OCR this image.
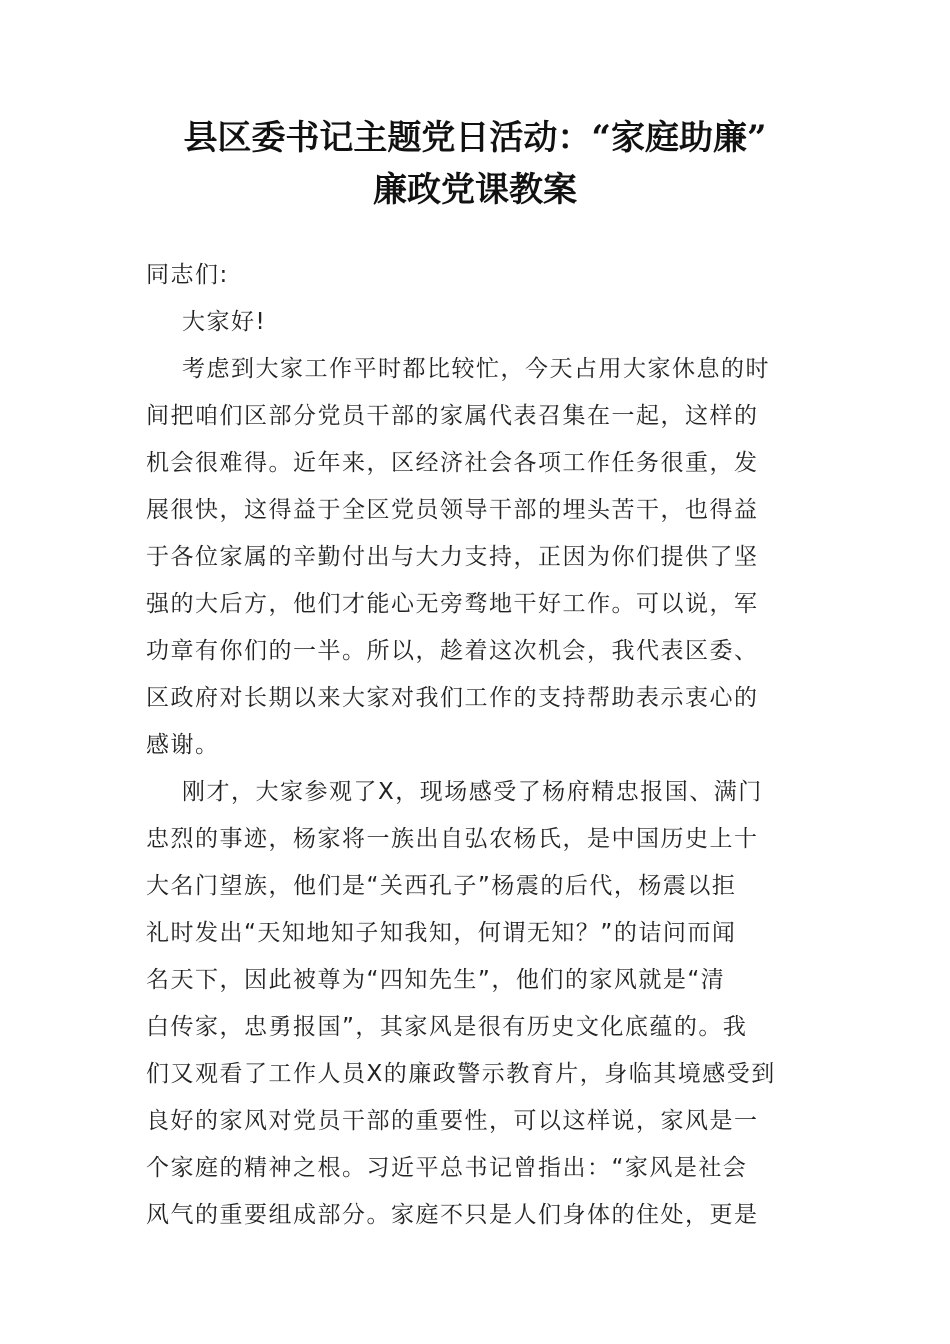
县区委书记主题党日活动：“家庭助廉”
廉政党课教案
同志们:
大家好!
考虑到大家工作平时都比较忙，今天占用大家休息的时
间把咱们区部分党员干部的家属代表召集在一起，这样的
机会很难得。近年来，区经济社会各项工作任务很重，发
展很快，这得益于全区党员领导干部的埋头苦干，也得益
于各位家属的辛勤付出与大力支持，正因为你们提供了坚
强的大后方，他们才能心无旁骛地干好工作。可以说，军
功章有你们的一半。所以，趁着这次机会，我代表区委、
区政府对长期以来大家对我们工作的支持帮助表示衷心的
感谢。
刚才，大家参观了X，现场感受了杨府精忠报国、满门
忠烈的事迹，杨家将一族出自弘农杨氏，是中国历史上十
大名门望族，他们是“关西孔子”杨震的后代，杨震以拒
礼时发出“天知地知子知我知，何谓无知？”的诘问而闻
名天下，因此被尊为“四知先生”，他们的家风就是“清
白传家，忠勇报国”，其家风是很有历史文化底蕴的。我
们又观看了工作人员X的廉政警示教育片，身临其境感受到
良好的家风对党员干部的重要性，可以这样说，家风是一
个家庭的精神之根。习近平总书记曾指出：“家风是社会
风气的重要组成部分。家庭不只是人们身体的住处，更是
